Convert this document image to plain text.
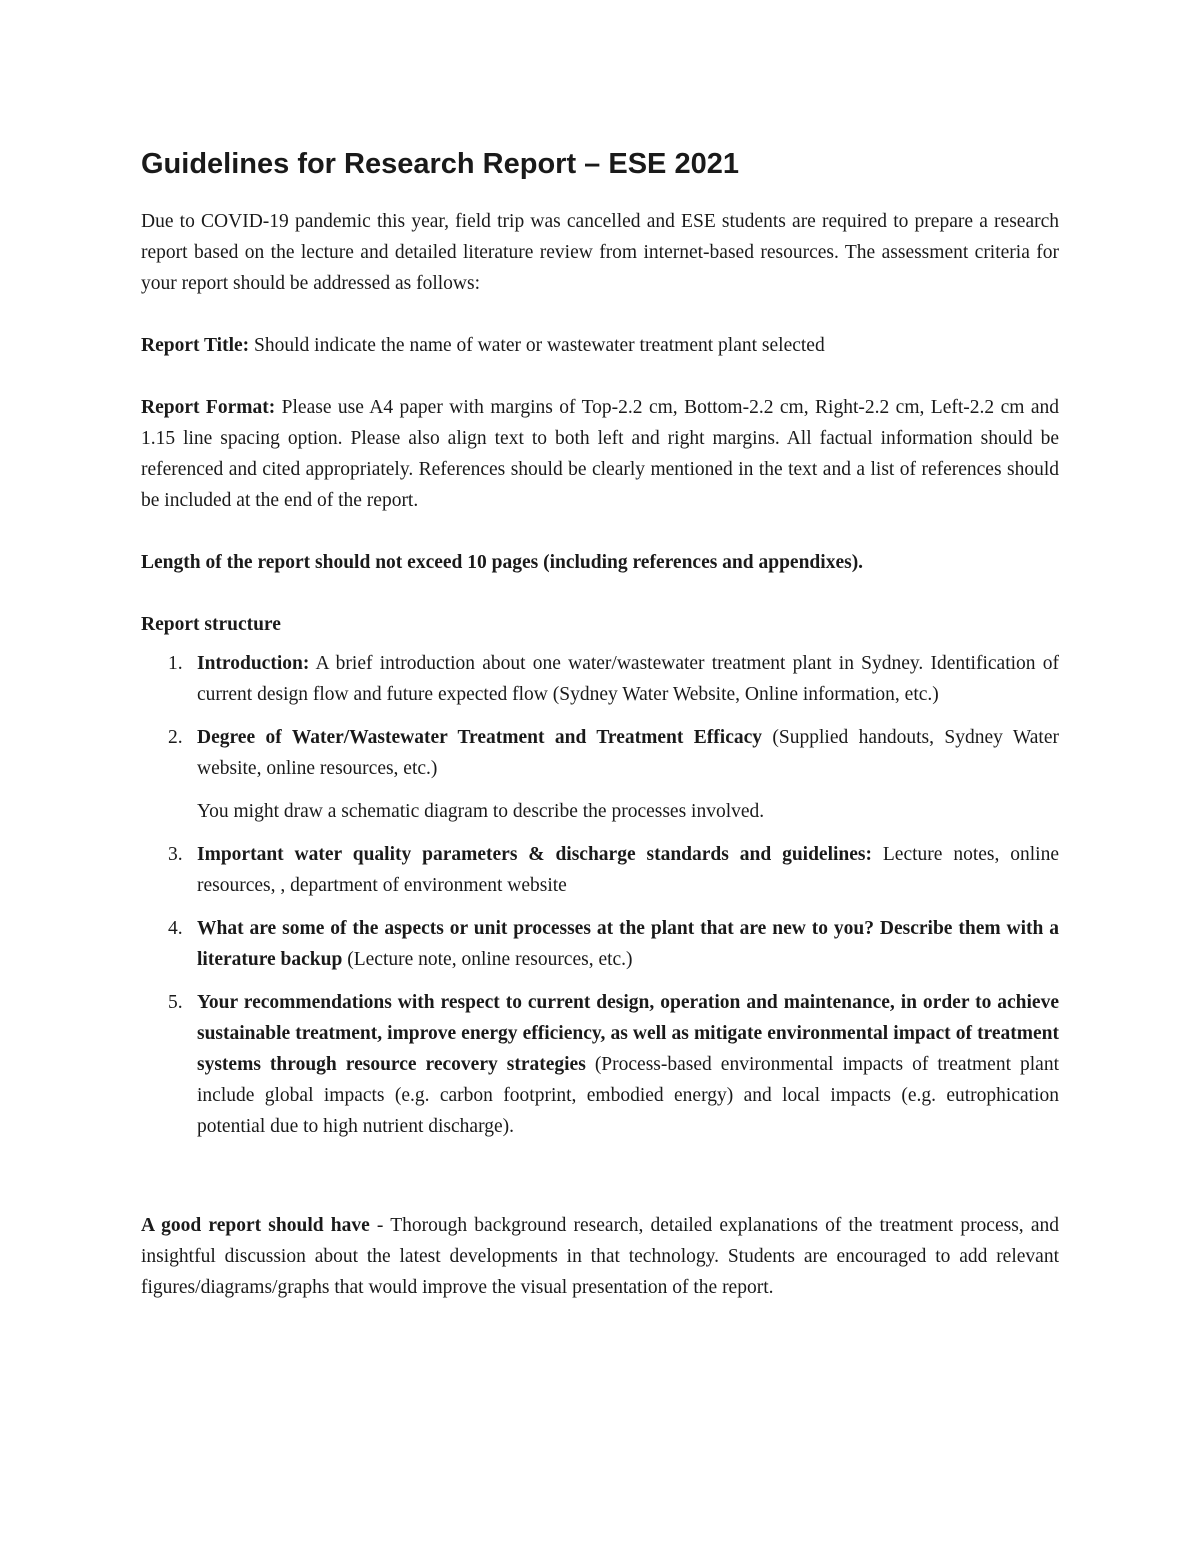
Guidelines for Research Report – ESE 2021

Due to COVID-19 pandemic this year, field trip was cancelled and ESE students are required to prepare a research report based on the lecture and detailed literature review from internet-based resources. The assessment criteria for your report should be addressed as follows:

Report Title: Should indicate the name of water or wastewater treatment plant selected

Report Format: Please use A4 paper with margins of Top-2.2 cm, Bottom-2.2 cm, Right-2.2 cm, Left-2.2 cm and 1.15 line spacing option. Please also align text to both left and right margins. All factual information should be referenced and cited appropriately. References should be clearly mentioned in the text and a list of references should be included at the end of the report.

Length of the report should not exceed 10 pages (including references and appendixes).

Report structure

1. Introduction: A brief introduction about one water/wastewater treatment plant in Sydney. Identification of current design flow and future expected flow (Sydney Water Website, Online information, etc.)
2. Degree of Water/Wastewater Treatment and Treatment Efficacy (Supplied handouts, Sydney Water website, online resources, etc.)
You might draw a schematic diagram to describe the processes involved.
3. Important water quality parameters & discharge standards and guidelines: Lecture notes, online resources, , department of environment website
4. What are some of the aspects or unit processes at the plant that are new to you? Describe them with a literature backup (Lecture note, online resources, etc.)
5. Your recommendations with respect to current design, operation and maintenance, in order to achieve sustainable treatment, improve energy efficiency, as well as mitigate environmental impact of treatment systems through resource recovery strategies (Process-based environmental impacts of treatment plant include global impacts (e.g. carbon footprint, embodied energy) and local impacts (e.g. eutrophication potential due to high nutrient discharge).

A good report should have - Thorough background research, detailed explanations of the treatment process, and insightful discussion about the latest developments in that technology. Students are encouraged to add relevant figures/diagrams/graphs that would improve the visual presentation of the report.
